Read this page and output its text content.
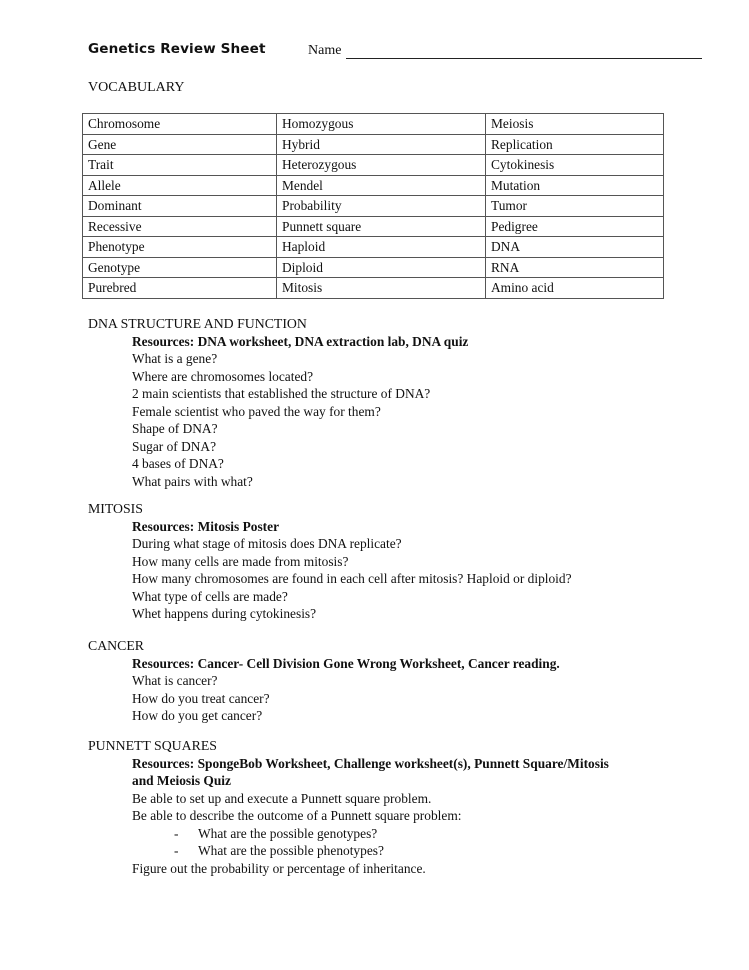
Genetics Review Sheet	Name
VOCABULARY
Chromosome	Homozygous	Meiosis
Gene	Hybrid	Replication
Trait	Heterozygous	Cytokinesis
Allele	Mendel	Mutation
Dominant	Probability	Tumor
Recessive	Punnett square	Pedigree
Phenotype	Haploid	DNA
Genotype	Diploid	RNA
Purebred	Mitosis	Amino acid
DNA STRUCTURE AND FUNCTION
Resources: DNA worksheet, DNA extraction lab, DNA quiz
What is a gene?
Where are chromosomes located?
2 main scientists that established the structure of DNA?
Female scientist who paved the way for them?
Shape of DNA?
Sugar of DNA?
4 bases of DNA?
What pairs with what?
MITOSIS
Resources: Mitosis Poster
During what stage of mitosis does DNA replicate?
How many cells are made from mitosis?
How many chromosomes are found in each cell after mitosis? Haploid or diploid?
What type of cells are made?
Whet happens during cytokinesis?
CANCER
Resources: Cancer- Cell Division Gone Wrong Worksheet, Cancer reading.
What is cancer?
How do you treat cancer?
How do you get cancer?
PUNNETT SQUARES
Resources: SpongeBob Worksheet, Challenge worksheet(s), Punnett Square/Mitosis
and Meiosis Quiz
Be able to set up and execute a Punnett square problem.
Be able to describe the outcome of a Punnett square problem:
- What are the possible genotypes?
- What are the possible phenotypes?
Figure out the probability or percentage of inheritance.
